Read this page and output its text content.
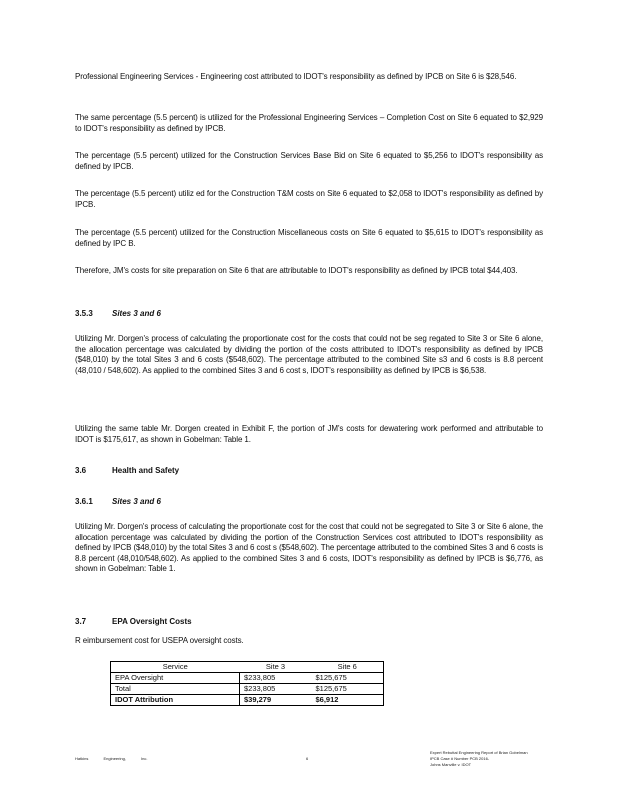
Professional Engineering Services - Engineering cost attributed to IDOT's responsibility as defined by IPCB on Site 6 is $28,546.

The same percentage (5.5 percent) is utilized for the Professional Engineering Services – Completion Cost on Site 6 equated to $2,929 to IDOT's responsibility as defined by IPCB.

The percentage (5.5 percent) utilized for the Construction Services Base Bid on Site 6 equated to $5,256 to IDOT's responsibility as defined by IPCB.

The percentage (5.5 percent) utiliz ed for the Construction T&M costs on Site 6 equated to $2,058 to IDOT's responsibility as defined by IPCB.

The percentage (5.5 percent) utilized for the Construction Miscellaneous costs on Site 6 equated to $5,615 to IDOT's responsibility as defined by IPC B.

Therefore, JM's costs for site preparation on Site 6 that are attributable to IDOT's responsibility as defined by IPCB total $44,403.

3.5.3 Sites 3 and 6

Utilizing Mr. Dorgen's process of calculating the proportionate cost for the costs that could not be seg regated to Site 3 or Site 6 alone, the allocation percentage was calculated by dividing the portion of the costs attributed to IDOT's responsibility as defined by IPCB ($48,010) by the total Sites 3 and 6 costs ($548,602). The percentage attributed to the combined Site s3 and 6 costs is 8.8 percent (48,010 / 548,602). As applied to the combined Sites 3 and 6 cost s, IDOT's responsibility as defined by IPCB is $6,538.

Utilizing the same table Mr. Dorgen created in Exhibit F, the portion of JM's costs for dewatering work performed and attributable to IDOT is $175,617, as shown in Gobelman: Table 1.

3.6	Health and Safety

3.6.1 Sites 3 and 6

Utilizing Mr. Dorgen's process of calculating the proportionate cost for the cost that could not be segregated to Site 3 or Site 6 alone, the allocation percentage was calculated by dividing the portion of the Construction Services cost attributed to IDOT's responsibility as defined by IPCB ($48,010) by the total Sites 3 and 6 cost s ($548,602). The percentage attributed to the combined Sites 3 and 6 costs is 8.8 percent (48,010/548,602). As applied to the combined Sites 3 and 6 costs, IDOT's responsibility as defined by IPCB is $6,776, as shown in Gobelman: Table 1.

3.7	EPA Oversight Costs

R eimbursement cost for USEPA oversight costs.

Service	Site 3	Site 6
EPA Oversight	$233,805	$125,675
Total	$233,805	$125,675
IDOT Attribution	$39,279	$6,912
Hatkins	Engineering,	Inc.	6
Expert Rebuttal Engineering Report of Brian Gobelman
IPCB Case # Number PCB 2016-
Johns Manville v. IDOT
